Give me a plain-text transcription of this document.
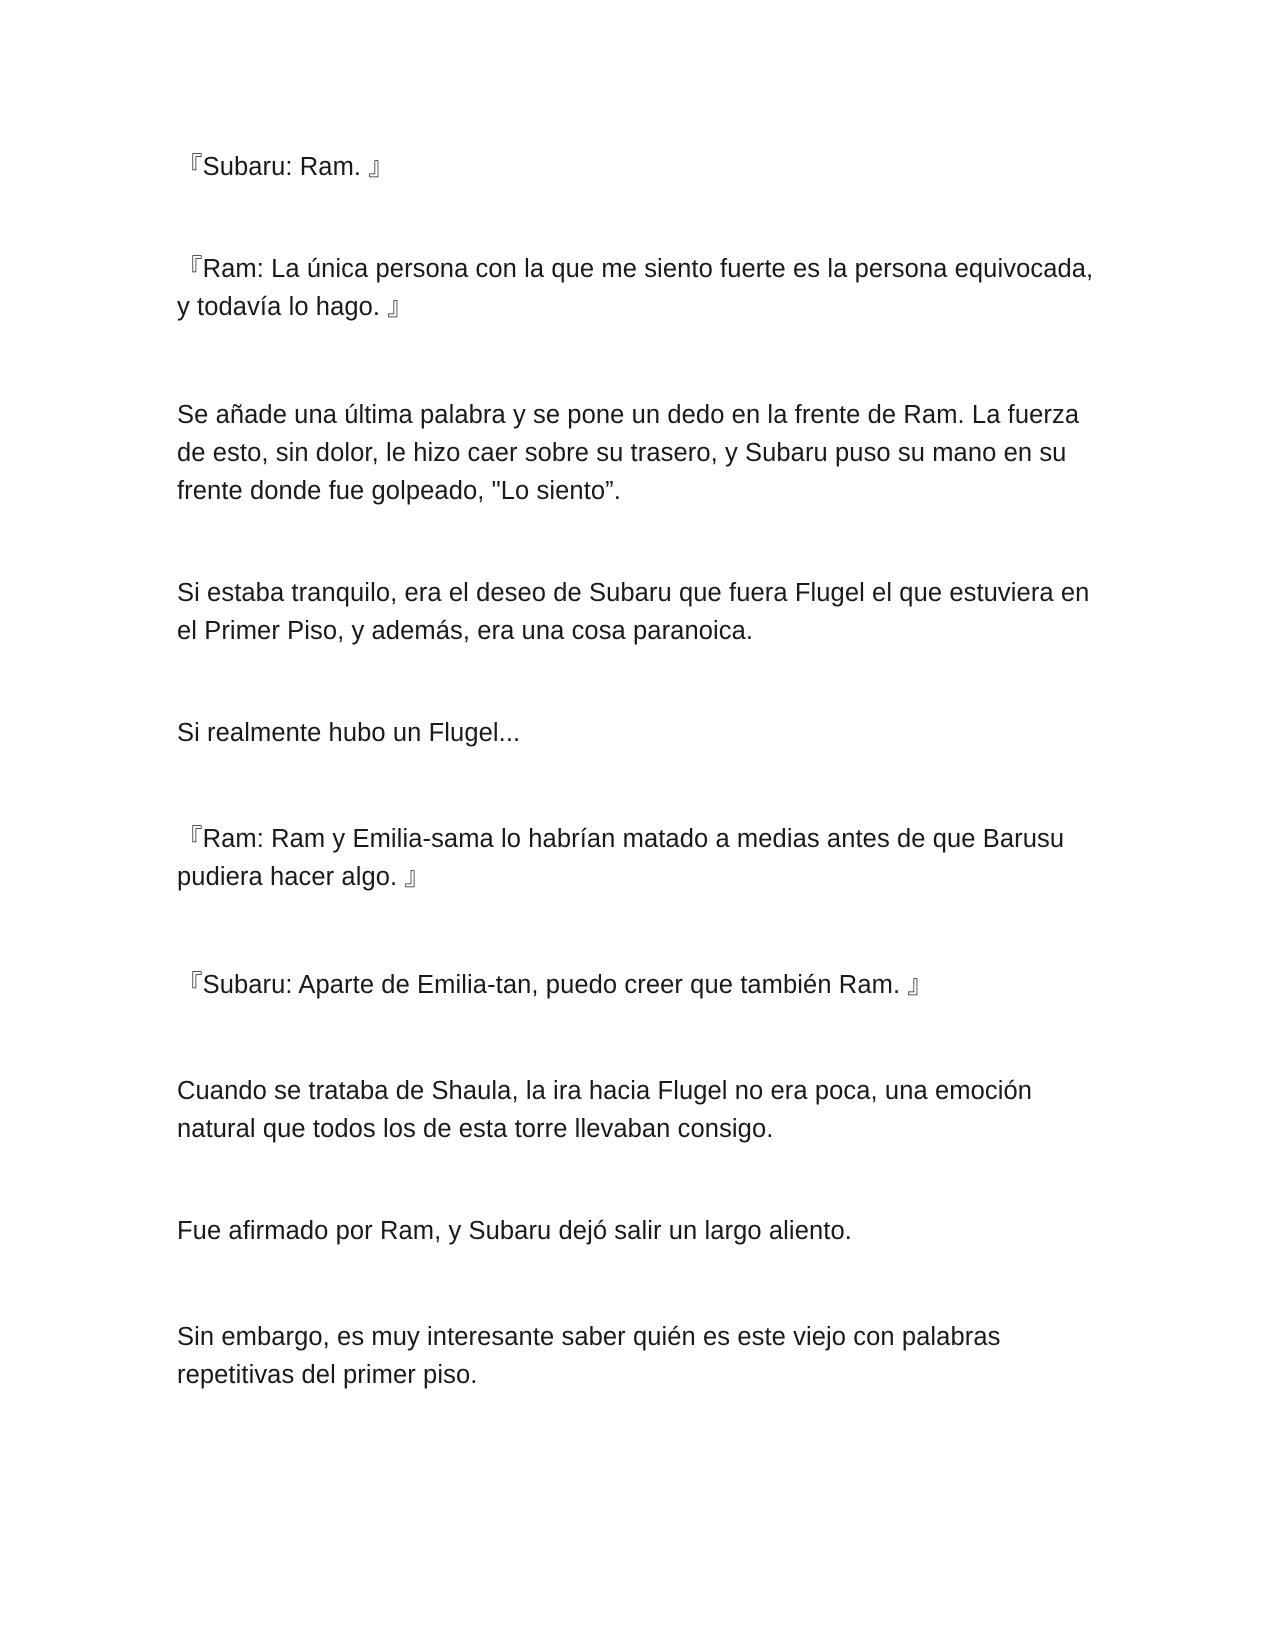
『Subaru: Ram. 』

『Ram: La única persona con la que me siento fuerte es la persona equivocada, y todavía lo hago. 』

Se añade una última palabra y se pone un dedo en la frente de Ram. La fuerza de esto, sin dolor, le hizo caer sobre su trasero, y Subaru puso su mano en su frente donde fue golpeado, "Lo siento”.

Si estaba tranquilo, era el deseo de Subaru que fuera Flugel el que estuviera en el Primer Piso, y además, era una cosa paranoica.

Si realmente hubo un Flugel...

『Ram: Ram y Emilia-sama lo habrían matado a medias antes de que Barusu pudiera hacer algo. 』

『Subaru: Aparte de Emilia-tan, puedo creer que también Ram. 』

Cuando se trataba de Shaula, la ira hacia Flugel no era poca, una emoción natural que todos los de esta torre llevaban consigo.

Fue afirmado por Ram, y Subaru dejó salir un largo aliento.

Sin embargo, es muy interesante saber quién es este viejo con palabras repetitivas del primer piso.
